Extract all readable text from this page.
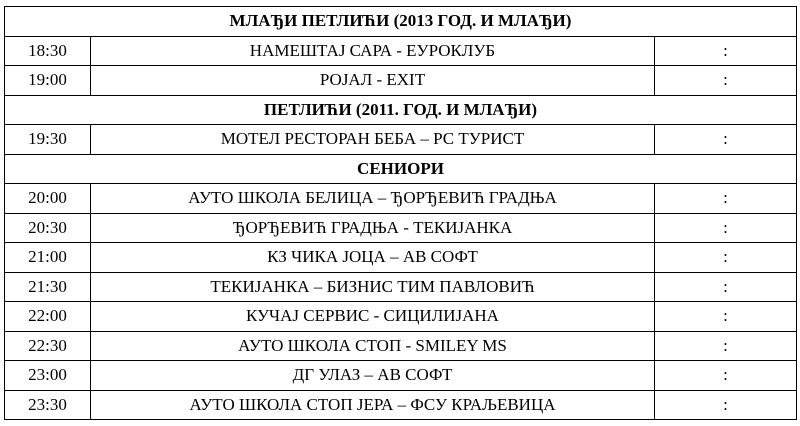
МЛАЂИ ПЕТЛИЋИ (2013 ГОД. И МЛАЂИ)		
18:30	НАМЕШТАЈ САРА - ЕУРОКЛУБ	:
19:00	РОЈАЛ - EXIT	:
ПЕТЛИЋИ (2011. ГОД. И МЛАЂИ)		
19:30	МОТЕЛ РЕСТОРАН БЕБА – РС ТУРИСТ	:
СЕНИОРИ		
20:00	АУТО ШКОЛА БЕЛИЦА – ЂОРЂЕВИЋ ГРАДЊА	:
20:30	ЂОРЂЕВИЋ ГРАДЊА - ТЕКИЈАНКА	:
21:00	КЗ ЧИКА ЈОЦА – АВ СОФТ	:
21:30	ТЕКИЈАНКА – БИЗНИС ТИМ ПАВЛОВИЋ	:
22:00	КУЧАЈ СЕРВИС - СИЦИЛИЈАНА	:
22:30	АУТО ШКОЛА СТОП - SMILEY MS	:
23:00	ДГ УЛАЗ – АВ СОФТ	:
23:30	АУТО ШКОЛА СТОП ЈЕРА – ФСУ КРАЉЕВИЦА	:
